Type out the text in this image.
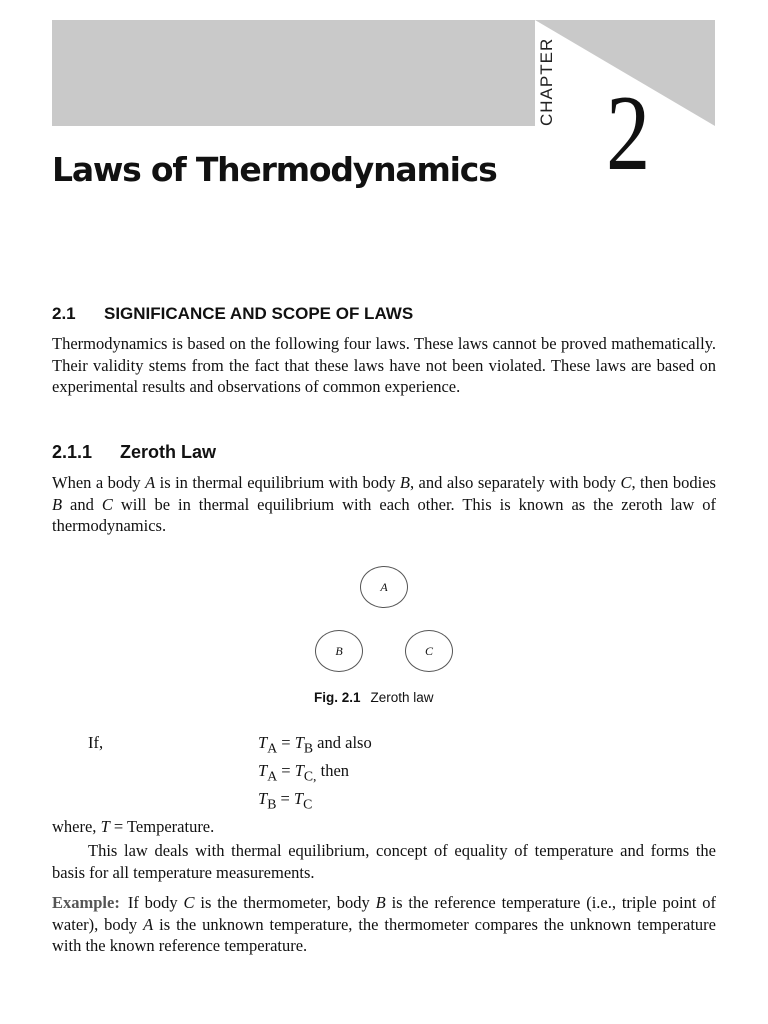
CHAPTER 2
Laws of Thermodynamics
2.1 SIGNIFICANCE AND SCOPE OF LAWS

Thermodynamics is based on the following four laws. These laws cannot be proved mathematically. Their validity stems from the fact that these laws have not been violated. These laws are based on experimental results and observations of common experience.

2.1.1 Zeroth Law

When a body A is in thermal equilibrium with body B, and also separately with body C, then bodies B and C will be in thermal equilibrium with each other. This is known as the zeroth law of thermodynamics.

A
B	C
Fig. 2.1 Zeroth law
If,	$T_A = T_B$ and also
$T_A = T_{C,}$ then
$T_B = T_C$

where, T = Temperature.

This law deals with thermal equilibrium, concept of equality of temperature and forms the basis for all temperature measurements.

Example: If body C is the thermometer, body B is the reference temperature (i.e., triple point of water), body A is the unknown temperature, the thermometer compares the unknown temperature with the known reference temperature.
